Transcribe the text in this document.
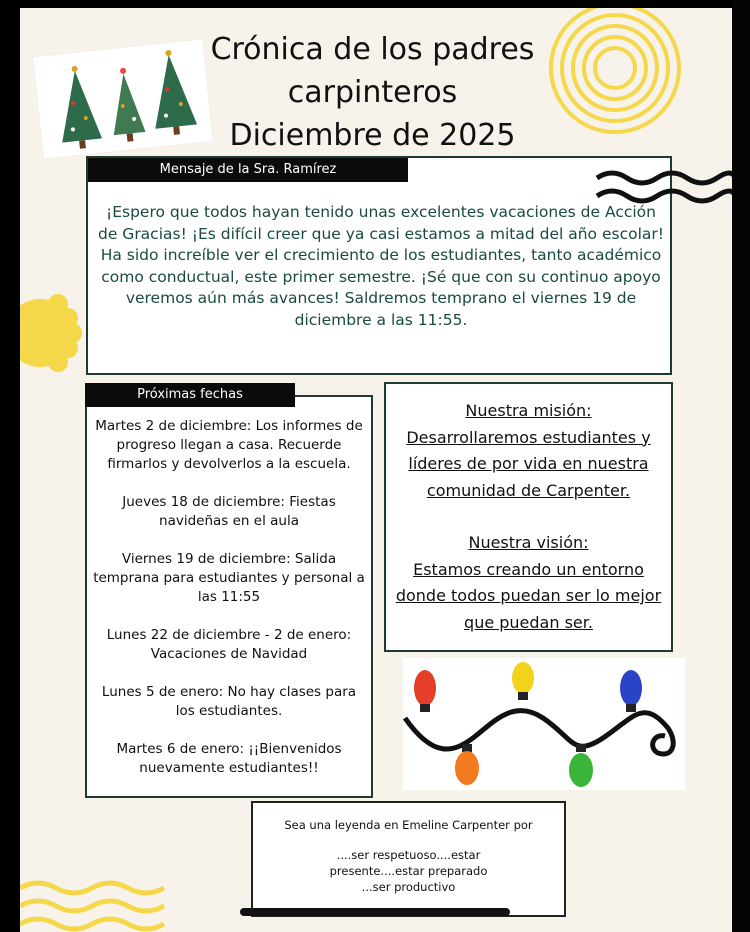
Crónica de los padres
carpinteros
Diciembre de 2025
Mensaje de la Sra. Ramírez
¡Espero que todos hayan tenido unas excelentes vacaciones de Acción de Gracias! ¡Es difícil creer que ya casi estamos a mitad del año escolar! Ha sido increíble ver el crecimiento de los estudiantes, tanto académico como conductual, este primer semestre. ¡Sé que con su continuo apoyo veremos aún más avances! Saldremos temprano el viernes 19 de diciembre a las 11:55.
Próximas fechas
Martes 2 de diciembre: Los informes de progreso llegan a casa. Recuerde firmarlos y devolverlos a la escuela.
Jueves 18 de diciembre: Fiestas navideñas en el aula
Viernes 19 de diciembre: Salida temprana para estudiantes y personal a las 11:55
Lunes 22 de diciembre - 2 de enero: Vacaciones de Navidad
Lunes 5 de enero: No hay clases para los estudiantes.
Martes 6 de enero: ¡¡Bienvenidos nuevamente estudiantes!!
Nuestra misión:
Desarrollaremos estudiantes y líderes de por vida en nuestra comunidad de Carpenter.
Nuestra visión:
Estamos creando un entorno donde todos puedan ser lo mejor que puedan ser.
Sea una leyenda en Emeline Carpenter por
....ser respetuoso....estar presente....estar preparado
...ser productivo
